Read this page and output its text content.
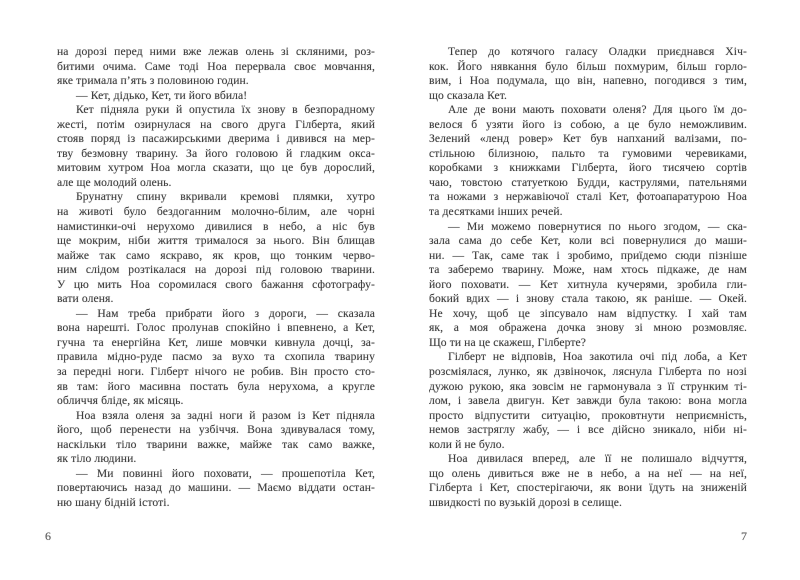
на дорозі перед ними вже лежав олень зі скляними, роз-
битими очима. Саме тоді Ноа перервала своє мовчання,
яке тримала п’ять з половиною годин.
— Кет, дідько, Кет, ти його вбила!
Кет підняла руки й опустила їх знову в безпорадному
жесті, потім озирнулася на свого друга Гілберта, який
стояв поряд із пасажирськими дверима і дивився на мер-
тву безмовну тварину. За його головою й гладким окса-
митовим хутром Ноа могла сказати, що це був дорослий,
але ще молодий олень.
Брунатну спину вкривали кремові плямки, хутро
на животі було бездоганним молочно-білим, але чорні
намистинки-очі нерухомо дивилися в небо, а ніс був
ще мокрим, ніби життя трималося за нього. Він блищав
майже так само яскраво, як кров, що тонким черво-
ним слідом розтікалася на дорозі під головою тварини.
У цю мить Ноа соромилася свого бажання сфотографу-
вати оленя.
— Нам треба прибрати його з дороги, — сказала
вона нарешті. Голос пролунав спокійно і впевнено, а Кет,
гучна та енергійна Кет, лише мовчки кивнула дочці, за-
правила мідно-руде пасмо за вухо та схопила тварину
за передні ноги. Гілберт нічого не робив. Він просто сто-
яв там: його масивна постать була нерухома, а кругле
обличчя бліде, як місяць.
Ноа взяла оленя за задні ноги й разом із Кет підняла
його, щоб перенести на узбіччя. Вона здивувалася тому,
наскільки тіло тварини важке, майже так само важке,
як тіло людини.
— Ми повинні його поховати, — прошепотіла Кет,
повертаючись назад до машини. — Маємо віддати остан-
ню шану бідній істоті.
6
Тепер до котячого галасу Оладки приєднався Хіч-
кок. Його нявкання було більш похмурим, більш горло-
вим, і Ноа подумала, що він, напевно, погодився з тим,
що сказала Кет.
Але де вони мають поховати оленя? Для цього їм до-
велося б узяти його із собою, а це було неможливим.
Зелений «ленд ровер» Кет був напханий валізами, по-
стільною білизною, пальто та гумовими черевиками,
коробками з книжками Гілберта, його тисячею сортів
чаю, товстою статуеткою Будди, каструлями, пательнями
та ножами з нержавіючої сталі Кет, фотоапаратурою Ноа
та десятками інших речей.
— Ми можемо повернутися по нього згодом, — ска-
зала сама до себе Кет, коли всі повернулися до маши-
ни. — Так, саме так і зробимо, приїдемо сюди пізніше
та заберемо тварину. Може, нам хтось підкаже, де нам
його поховати. — Кет хитнула кучерями, зробила гли-
бокий вдих — і знову стала такою, як раніше. — Окей.
Не хочу, щоб це зіпсувало нам відпустку. І хай там
як, а моя ображена дочка знову зі мною розмовляє.
Що ти на це скажеш, Гілберте?
Гілберт не відповів, Ноа закотила очі під лоба, а Кет
розсміялася, лунко, як дзвіночок, ляснула Гілберта по нозі
дужою рукою, яка зовсім не гармонувала з її струнким ті-
лом, і завела двигун. Кет завжди була такою: вона могла
просто відпустити ситуацію, проковтнути неприємність,
немов застряглу жабу, — і все дійсно зникало, ніби ні-
коли й не було.
Ноа дивилася вперед, але її не полишало відчуття,
що олень дивиться вже не в небо, а на неї — на неї,
Гілберта і Кет, спостерігаючи, як вони їдуть на зниженій
швидкості по вузькій дорозі в селище.
7
